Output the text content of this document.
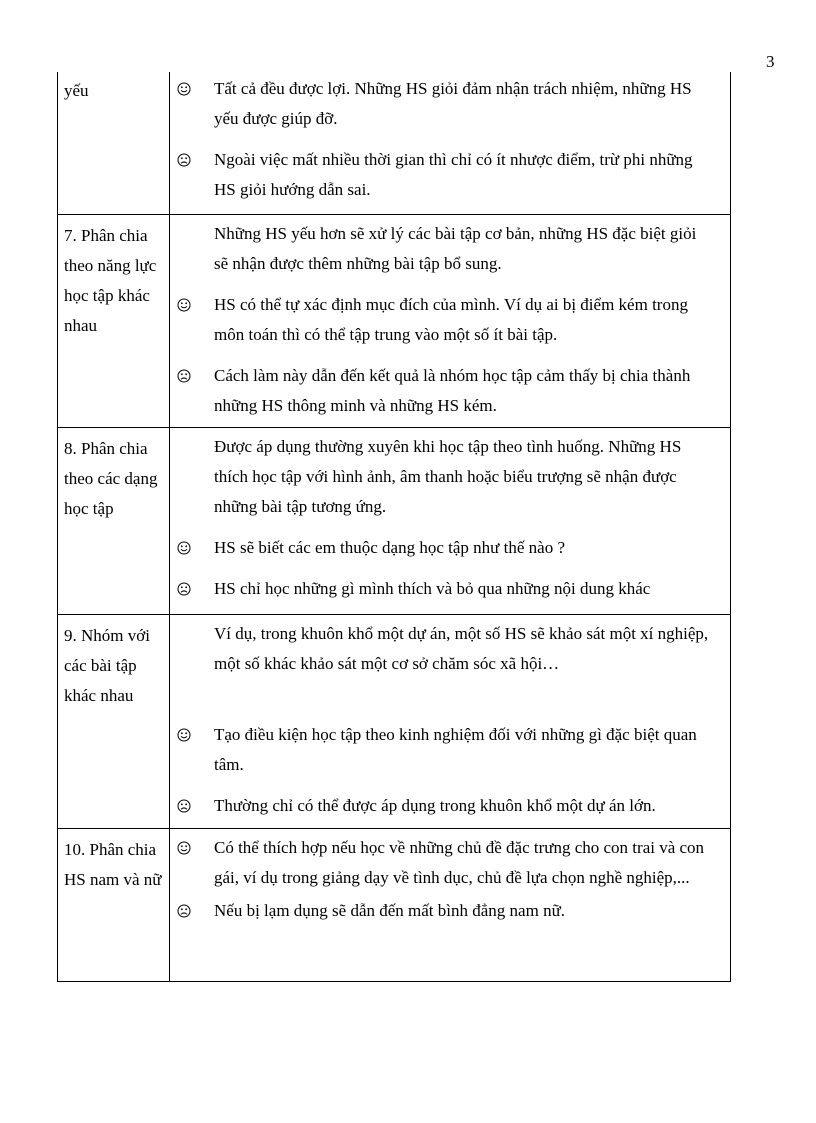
3
yếu	Tất cả đều được lợi. Những HS giỏi đảm nhận trách nhiệm, những HS yếu được giúp đỡ.
Ngoài việc mất nhiều thời gian thì chỉ có ít nhược điểm, trừ phi những HS giỏi hướng dẫn sai.

7. Phân chia theo năng lực học tập khác nhau	Những HS yếu hơn sẽ xử lý các bài tập cơ bản, những HS đặc biệt giỏi sẽ nhận được thêm những bài tập bổ sung.
HS có thể tự xác định mục đích của mình. Ví dụ ai bị điểm kém trong môn toán thì có thể tập trung vào một số ít bài tập.
Cách làm này dẫn đến kết quả là nhóm học tập cảm thấy bị chia thành những HS thông minh và những HS kém.

8. Phân chia theo các dạng học tập	Được áp dụng thường xuyên khi học tập theo tình huống. Những HS thích học tập với hình ảnh, âm thanh hoặc biểu trượng sẽ nhận được những bài tập tương ứng.
HS sẽ biết các em thuộc dạng học tập như thế nào ?
HS chỉ học những gì mình thích và bỏ qua những nội dung khác

9. Nhóm với các bài tập khác nhau	Ví dụ, trong khuôn khổ một dự án, một số HS sẽ khảo sát một xí nghiệp, một số khác khảo sát một cơ sở chăm sóc xã hội…
Tạo điều kiện học tập theo kinh nghiệm đối với những gì đặc biệt quan tâm.
Thường chỉ có thể được áp dụng trong khuôn khổ một dự án lớn.

10. Phân chia HS nam và nữ	Có thể thích hợp nếu học về những chủ đề đặc trưng cho con trai và con gái, ví dụ trong giảng dạy về tình dục, chủ đề lựa chọn nghề nghiệp,...
Nếu bị lạm dụng sẽ dẫn đến mất bình đẳng nam nữ.
